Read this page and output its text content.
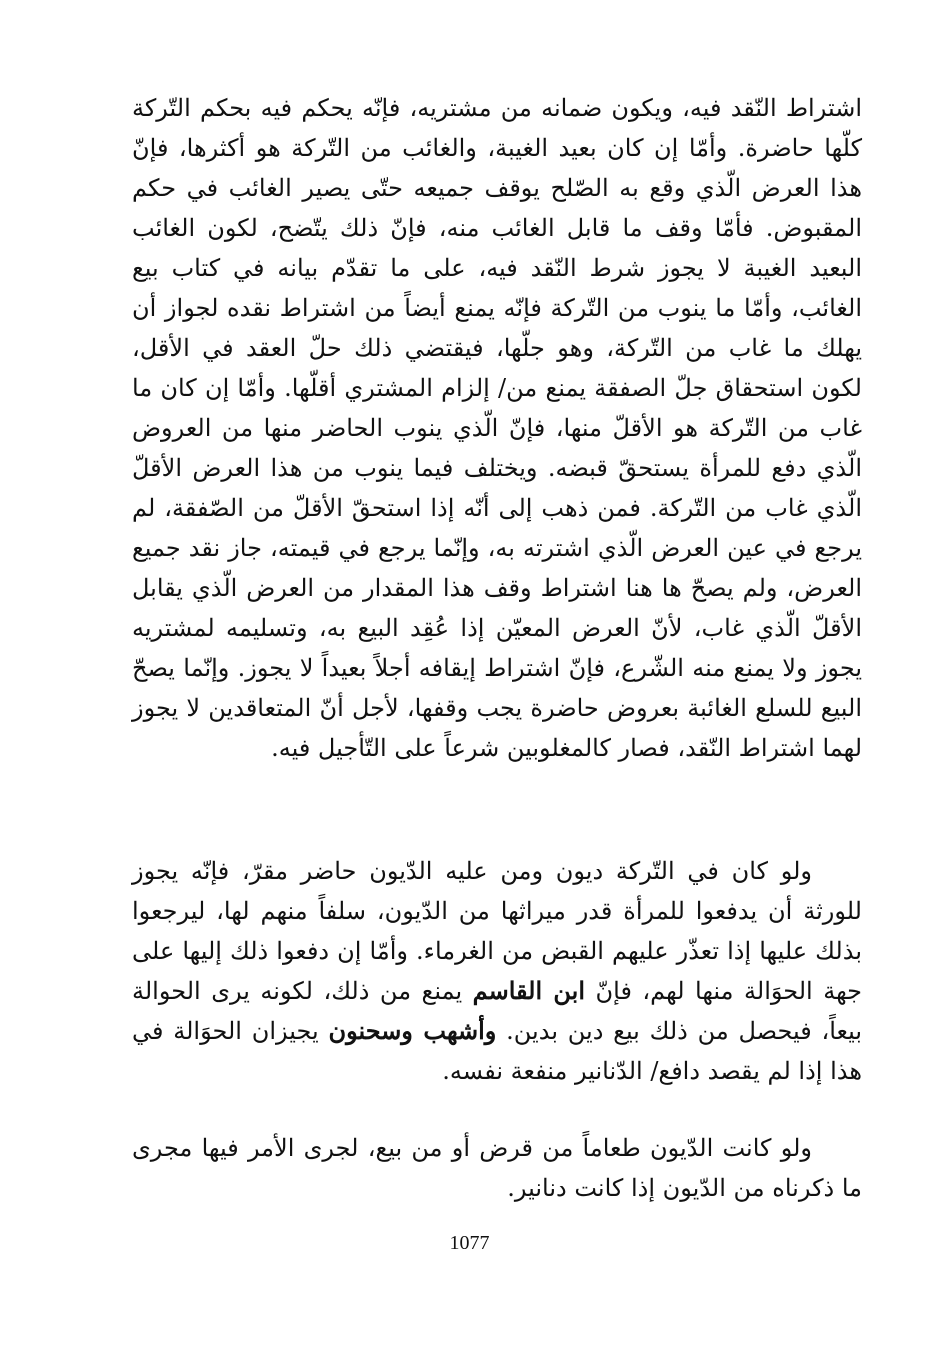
اشتراط النّقد فيه، ويكون ضمانه من مشتريه، فإنّه يحكم فيه بحكم التّركة كلّها حاضرة. وأمّا إن كان بعيد الغيبة، والغائب من التّركة هو أكثرها، فإنّ هذا العرض الّذي وقع به الصّلح يوقف جميعه حتّى يصير الغائب في حكم المقبوض. فأمّا وقف ما قابل الغائب منه، فإنّ ذلك يتّضح، لكون الغائب البعيد الغيبة لا يجوز شرط النّقد فيه، على ما تقدّم بيانه في كتاب بيع الغائب، وأمّا ما ينوب من التّركة فإنّه يمنع أيضاً من اشتراط نقده لجواز أن يهلك ما غاب من التّركة، وهو جلّها، فيقتضي ذلك حلّ العقد في الأقل، لكون استحقاق جلّ الصفقة يمنع من/ إلزام المشتري أقلّها. وأمّا إن كان ما غاب من التّركة هو الأقلّ منها، فإنّ الّذي ينوب الحاضر منها من العروض الّذي دفع للمرأة يستحقّ قبضه. ويختلف فيما ينوب من هذا العرض الأقلّ الّذي غاب من التّركة. فمن ذهب إلى أنّه إذا استحقّ الأقلّ من الصّفقة، لم يرجع في عين العرض الّذي اشترته به، وإنّما يرجع في قيمته، جاز نقد جميع العرض، ولم يصحّ ها هنا اشتراط وقف هذا المقدار من العرض الّذي يقابل الأقلّ الّذي غاب، لأنّ العرض المعيّن إذا عُقِد البيع به، وتسليمه لمشتريه يجوز ولا يمنع منه الشّرع، فإنّ اشتراط إيقافه أجلاً بعيداً لا يجوز. وإنّما يصحّ البيع للسلع الغائبة بعروض حاضرة يجب وقفها، لأجل أنّ المتعاقدين لا يجوز لهما اشتراط النّقد، فصار كالمغلوبين شرعاً على التّأجيل فيه.

ولو كان في التّركة ديون ومن عليه الدّيون حاضر مقرّ، فإنّه يجوز للورثة أن يدفعوا للمرأة قدر ميراثها من الدّيون، سلفاً منهم لها، ليرجعوا بذلك عليها إذا تعذّر عليهم القبض من الغرماء. وأمّا إن دفعوا ذلك إليها على جهة الحوَالة منها لهم، فإنّ ابن القاسم يمنع من ذلك، لكونه يرى الحوالة بيعاً، فيحصل من ذلك بيع دين بدين. وأشهب وسحنون يجيزان الحوَالة في هذا إذا لم يقصد دافع/ الدّنانير منفعة نفسه.

ولو كانت الدّيون طعاماً من قرض أو من بيع، لجرى الأمر فيها مجرى ما ذكرناه من الدّيون إذا كانت دنانير.

1077
